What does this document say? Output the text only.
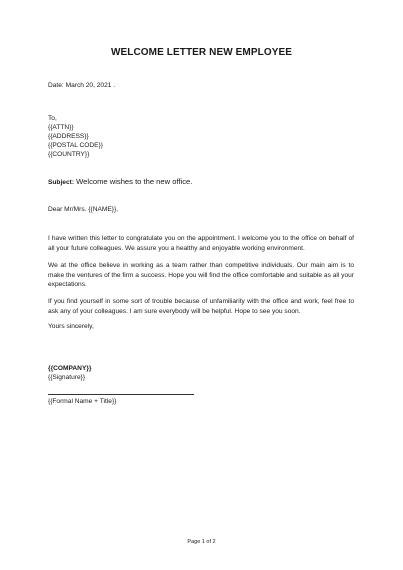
WELCOME LETTER NEW EMPLOYEE
Date: March 20, 2021 .
To,
{{ATTN}}
{{ADDRESS}}
{{POSTAL CODE}}
{{COUNTRY}}
Subject: Welcome wishes to the new office.
Dear Mr/Mrs. {{NAME}},
I have written this letter to congratulate you on the appointment. I welcome you to the office on behalf of all your future colleagues. We assure you a healthy and enjoyable working environment.
We at the office believe in working as a team rather than competitive individuals. Our main aim is to make the ventures of the firm a success. Hope you will find the office comfortable and suitable as all your expectations.
If you find yourself in some sort of trouble because of unfamiliarity with the office and work, feel free to ask any of your colleagues. I am sure everybody will be helpful. Hope to see you soon.
Yours sincerely,
{{COMPANY}}
{{Signature}}
{{Formal Name + Title}}
Page 1 of 2
